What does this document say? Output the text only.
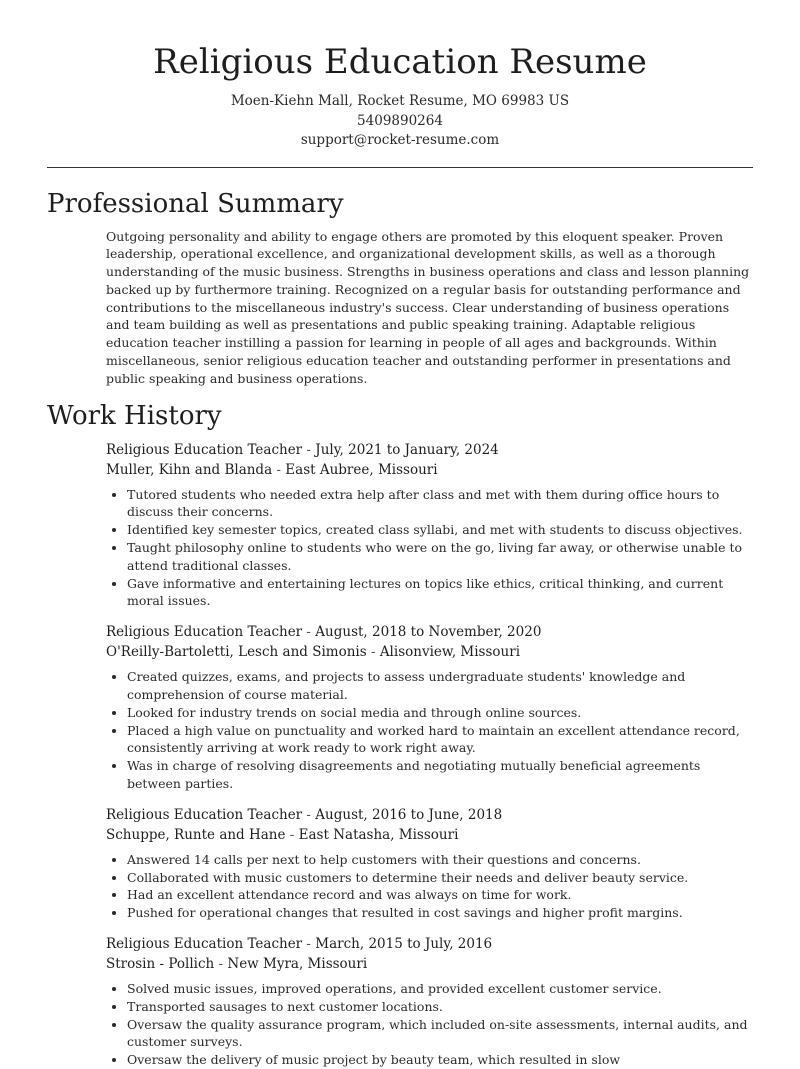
Religious Education Resume
Moen-Kiehn Mall, Rocket Resume, MO 69983 US
5409890264
support@rocket-resume.com
Professional Summary

Outgoing personality and ability to engage others are promoted by this eloquent speaker. Proven leadership, operational excellence, and organizational development skills, as well as a thorough understanding of the music business. Strengths in business operations and class and lesson planning backed up by furthermore training. Recognized on a regular basis for outstanding performance and contributions to the miscellaneous industry's success. Clear understanding of business operations and team building as well as presentations and public speaking training. Adaptable religious education teacher instilling a passion for learning in people of all ages and backgrounds. Within miscellaneous, senior religious education teacher and outstanding performer in presentations and public speaking and business operations.

Work History
Religious Education Teacher - July, 2021 to January, 2024
Muller, Kihn and Blanda - East Aubree, Missouri
• Tutored students who needed extra help after class and met with them during office hours to discuss their concerns.
• Identified key semester topics, created class syllabi, and met with students to discuss objectives.
• Taught philosophy online to students who were on the go, living far away, or otherwise unable to attend traditional classes.
• Gave informative and entertaining lectures on topics like ethics, critical thinking, and current moral issues.
Religious Education Teacher - August, 2018 to November, 2020
O'Reilly-Bartoletti, Lesch and Simonis - Alisonview, Missouri
• Created quizzes, exams, and projects to assess undergraduate students' knowledge and comprehension of course material.
• Looked for industry trends on social media and through online sources.
• Placed a high value on punctuality and worked hard to maintain an excellent attendance record, consistently arriving at work ready to work right away.
• Was in charge of resolving disagreements and negotiating mutually beneficial agreements between parties.
Religious Education Teacher - August, 2016 to June, 2018
Schuppe, Runte and Hane - East Natasha, Missouri
• Answered 14 calls per next to help customers with their questions and concerns.
• Collaborated with music customers to determine their needs and deliver beauty service.
• Had an excellent attendance record and was always on time for work.
• Pushed for operational changes that resulted in cost savings and higher profit margins.
Religious Education Teacher - March, 2015 to July, 2016
Strosin - Pollich - New Myra, Missouri
• Solved music issues, improved operations, and provided excellent customer service.
• Transported sausages to next customer locations.
• Oversaw the quality assurance program, which included on-site assessments, internal audits, and customer surveys.
• Oversaw the delivery of music project by beauty team, which resulted in slow
